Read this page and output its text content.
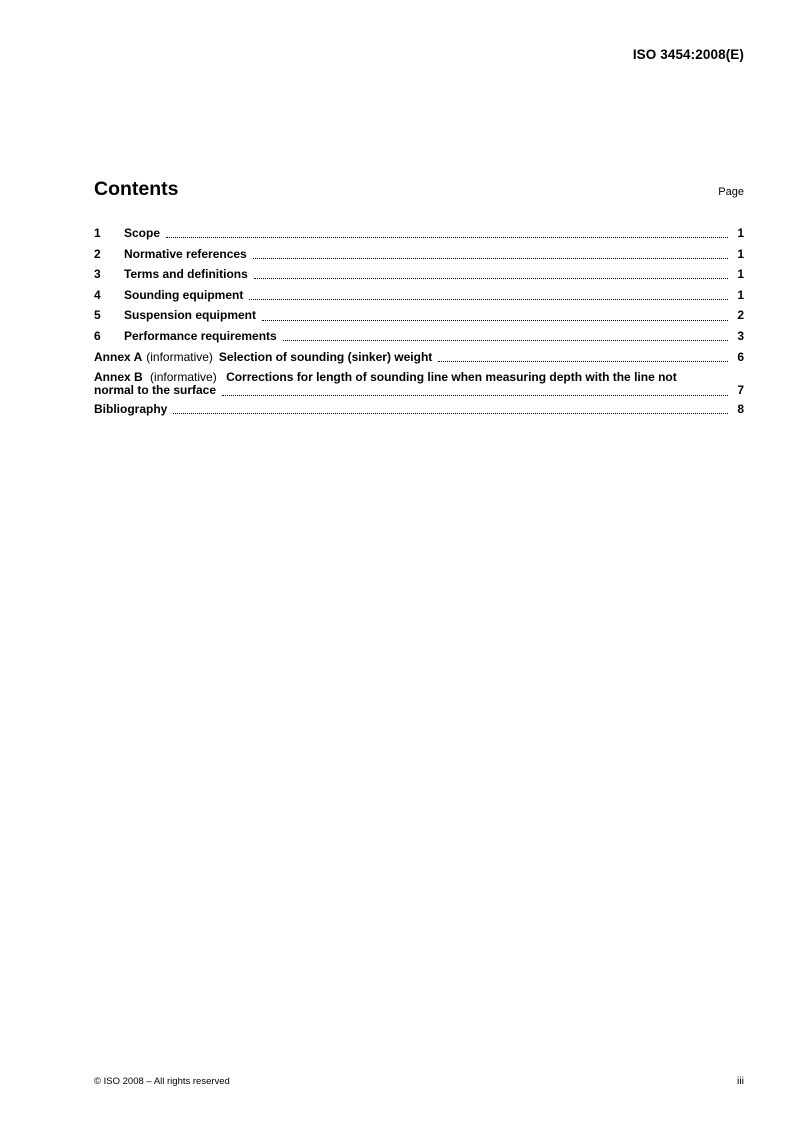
ISO 3454:2008(E)
Contents	Page
1	Scope	1
2	Normative references	1
3	Terms and definitions	1
4	Sounding equipment	1
5	Suspension equipment	2
6	Performance requirements	3
Annex A (informative) Selection of sounding (sinker) weight	6
Annex B (informative) Corrections for length of sounding line when measuring depth with the line not
normal to the surface	7
Bibliography	8
© ISO 2008 – All rights reserved	iii
